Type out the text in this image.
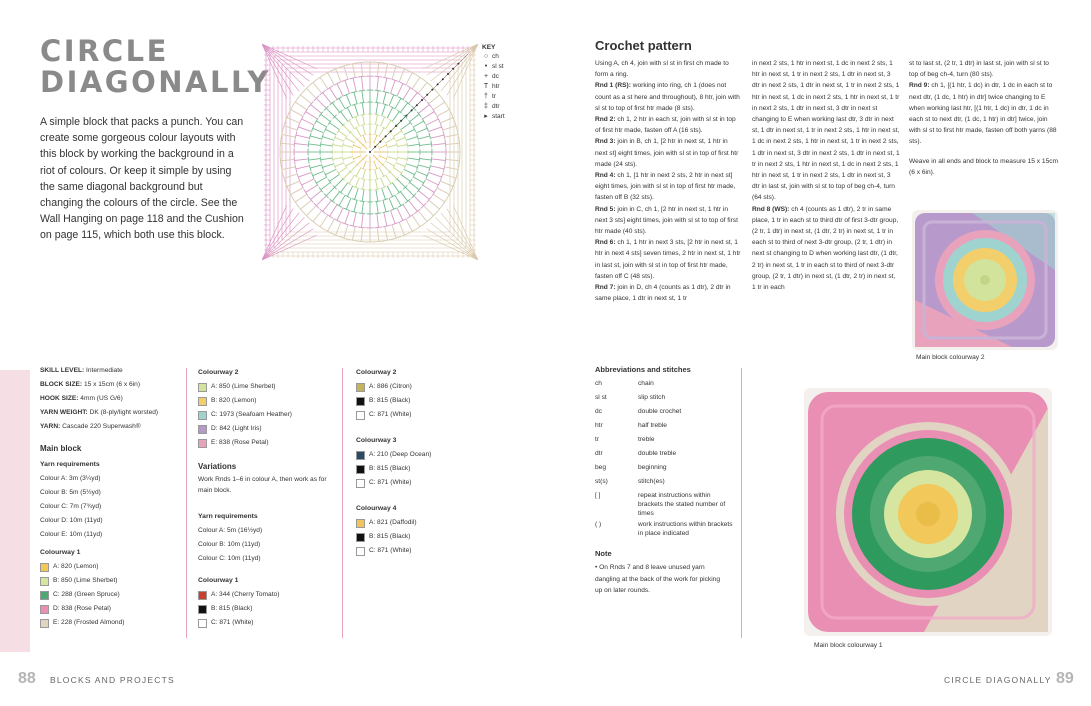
CIRCLE
DIAGONALLY
A simple block that packs a punch. You can create some gorgeous colour layouts with this block by working the background in a riot of colours. Or keep it simple by using the same diagonal background but changing the colours of the circle. See the Wall Hanging on page 118 and the Cushion on page 115, which both use this block.
KEY
○ ch
• sl st
+ dc
T htr
† tr
‡ dtr
▸ start
SKILL LEVEL: Intermediate
BLOCK SIZE: 15 x 15cm (6 x 6in)
HOOK SIZE: 4mm (US G/6)
YARN WEIGHT: DK (8-ply/light worsted)
YARN: Cascade 220 Superwash®
Main block
Yarn requirements
Colour A: 3m (3¼yd)
Colour B: 5m (5½yd)
Colour C: 7m (7¾yd)
Colour D: 10m (11yd)
Colour E: 10m (11yd)
Colourway 1
A: 820 (Lemon)
B: 850 (Lime Sherbet)
C: 288 (Green Spruce)
D: 838 (Rose Petal)
E: 228 (Frosted Almond)
Colourway 2
A: 850 (Lime Sherbet)
B: 820 (Lemon)
C: 1973 (Seafoam Heather)
D: 842 (Light Iris)
E: 838 (Rose Petal)
Variations
Work Rnds 1–6 in colour A, then work as for main block.
Yarn requirements
Colour A: 5m (16½yd)
Colour B: 10m (11yd)
Colour C: 10m (11yd)
Colourway 1
A: 344 (Cherry Tomato)
B: 815 (Black)
C: 871 (White)
Colourway 2
A: 886 (Citron)
B: 815 (Black)
C: 871 (White)
Colourway 3
A: 210 (Deep Ocean)
B: 815 (Black)
C: 871 (White)
Colourway 4
A: 821 (Daffodil)
B: 815 (Black)
C: 871 (White)
88 BLOCKS AND PROJECTS
Crochet pattern

Using A, ch 4, join with sl st in first ch made to form a ring.

Rnd 1 (RS): working into ring, ch 1 (does not count as a st here and throughout), 8 htr, join with sl st to top of first htr made (8 sts).

Rnd 2: ch 1, 2 htr in each st, join with sl st in top of first htr made, fasten off A (16 sts).

Rnd 3: join in B, ch 1, [2 htr in next st, 1 htr in next st] eight times, join with sl st in top of first htr made (24 sts).

Rnd 4: ch 1, [1 htr in next 2 sts, 2 htr in next st] eight times, join with sl st in top of first htr made, fasten off B (32 sts).

Rnd 5: join in C, ch 1, [2 htr in next st, 1 htr in next 3 sts] eight times, join with sl st to top of first htr made (40 sts).

Rnd 6: ch 1, 1 htr in next 3 sts, [2 htr in next st, 1 htr in next 4 sts] seven times, 2 htr in next st, 1 htr in last st, join with sl st in top of first htr made, fasten off C (48 sts).

Rnd 7: join in D, ch 4 (counts as 1 dtr), 2 dtr in same place, 1 dtr in next st, 1 tr

in next 2 sts, 1 htr in next st, 1 dc in next 2 sts, 1 htr in next st, 1 tr in next 2 sts, 1 dtr in next st, 3 dtr in next 2 sts, 1 dtr in next st, 1 tr in next 2 sts, 1 htr in next st, 1 dc in next 2 sts, 1 htr in next st, 1 tr in next 2 sts, 1 dtr in next st, 3 dtr in next st changing to E when working last dtr, 3 dtr in next st, 1 dtr in next st, 1 tr in next 2 sts, 1 htr in next st, 1 dc in next 2 sts, 1 htr in next st, 1 tr in next 2 sts, 1 dtr in next st, 3 dtr in next 2 sts, 1 dtr in next st, 1 tr in next 2 sts, 1 htr in next st, 1 dc in next 2 sts, 1 htr in next st, 1 tr in next 2 sts, 1 dtr in next st, 3 dtr in last st, join with sl st to top of beg ch-4, turn (64 sts).

Rnd 8 (WS): ch 4 (counts as 1 dtr), 2 tr in same place, 1 tr in each st to third dtr of first 3-dtr group, (2 tr, 1 dtr) in next st, (1 dtr, 2 tr) in next st, 1 tr in each st to third of next 3-dtr group, (2 tr, 1 dtr) in next st changing to D when working last dtr, (1 dtr, 2 tr) in next st, 1 tr in each st to third of next 3-dtr group, (2 tr, 1 dtr) in next st, (1 dtr, 2 tr) in next st, 1 tr in each

st to last st, (2 tr, 1 dtr) in last st, join with sl st to top of beg ch-4, turn (80 sts).

Rnd 9: ch 1, [(1 htr, 1 dc) in dtr, 1 dc in each st to next dtr, (1 dc, 1 htr) in dtr] twice changing to E when working last htr, [(1 htr, 1 dc) in dtr, 1 dc in each st to next dtr, (1 dc, 1 htr) in dtr] twice, join with sl st to first htr made, fasten off both yarns (88 sts).

Weave in all ends and block to measure 15 x 15cm (6 x 6in).

Main block colourway 2
Abbreviations and stitches
ch	chain
sl st	slip stitch
dc	double crochet
htr	half treble
tr	treble
dtr	double treble
beg	beginning
st(s)	stitch(es)
[ ]	repeat instructions within brackets the stated number of times
( )	work instructions within brackets in place indicated
Note
• On Rnds 7 and 8 leave unused yarn dangling at the back of the work for picking up on later rounds.
Main block colourway 1
CIRCLE DIAGONALLY 89
